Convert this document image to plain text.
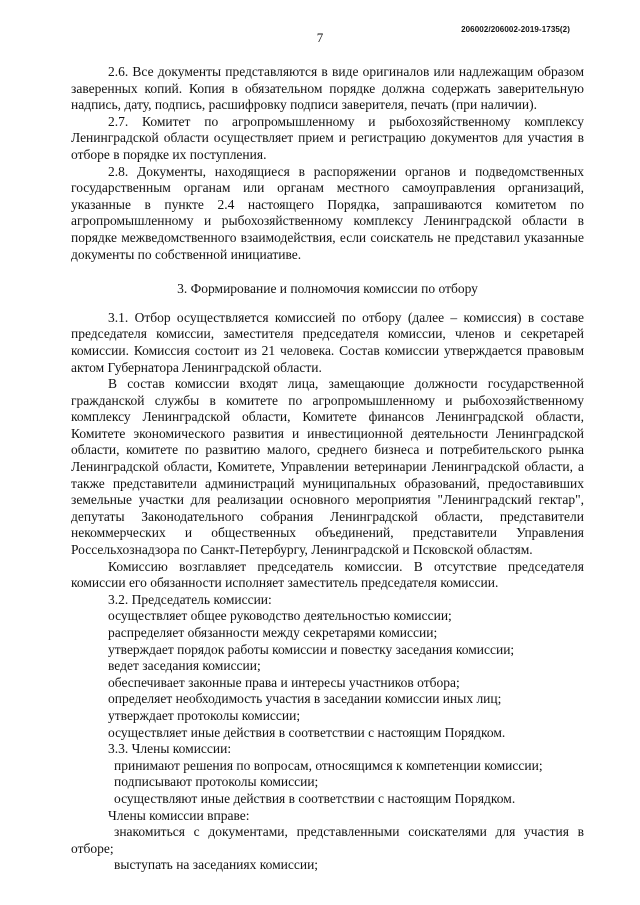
206002/206002-2019-1735(2)
7

2.6. Все документы представляются в виде оригиналов или надлежащим образом заверенных копий. Копия в обязательном порядке должна содержать заверительную надпись, дату, подпись, расшифровку подписи заверителя, печать (при наличии).

2.7. Комитет по агропромышленному и рыбохозяйственному комплексу Ленинградской области осуществляет прием и регистрацию документов для участия в отборе в порядке их поступления.

2.8. Документы, находящиеся в распоряжении органов и подведомственных государственным органам или органам местного самоуправления организаций, указанные в пункте 2.4 настоящего Порядка, запрашиваются комитетом по агропромышленному и рыбохозяйственному комплексу Ленинградской области в порядке межведомственного взаимодействия, если соискатель не представил указанные документы по собственной инициативе.

3. Формирование и полномочия комиссии по отбору

3.1. Отбор осуществляется комиссией по отбору (далее – комиссия) в составе председателя комиссии, заместителя председателя комиссии, членов и секретарей комиссии. Комиссия состоит из 21 человека. Состав комиссии утверждается правовым актом Губернатора Ленинградской области.

В состав комиссии входят лица, замещающие должности государственной гражданской службы в комитете по агропромышленному и рыбохозяйственному комплексу Ленинградской области, Комитете финансов Ленинградской области, Комитете экономического развития и инвестиционной деятельности Ленинградской области, комитете по развитию малого, среднего бизнеса и потребительского рынка Ленинградской области, Комитете, Управлении ветеринарии Ленинградской области, а также представители администраций муниципальных образований, предоставивших земельные участки для реализации основного мероприятия "Ленинградский гектар", депутаты Законодательного собрания Ленинградской области, представители некоммерческих и общественных объединений, представители Управления Россельхознадзора по Санкт-Петербургу, Ленинградской и Псковской областям.

Комиссию возглавляет председатель комиссии. В отсутствие председателя комиссии его обязанности исполняет заместитель председателя комиссии.

3.2. Председатель комиссии:

осуществляет общее руководство деятельностью комиссии;
распределяет обязанности между секретарями комиссии;
утверждает порядок работы комиссии и повестку заседания комиссии;
ведет заседания комиссии;
обеспечивает законные права и интересы участников отбора;
определяет необходимость участия в заседании комиссии иных лиц;
утверждает протоколы комиссии;
осуществляет иные действия в соответствии с настоящим Порядком.

3.3. Члены комиссии:

принимают решения по вопросам, относящимся к компетенции комиссии;
подписывают протоколы комиссии;
осуществляют иные действия в соответствии с настоящим Порядком.

Члены комиссии вправе:

знакомиться с документами, представленными соискателями для участия в отборе;

выступать на заседаниях комиссии;
